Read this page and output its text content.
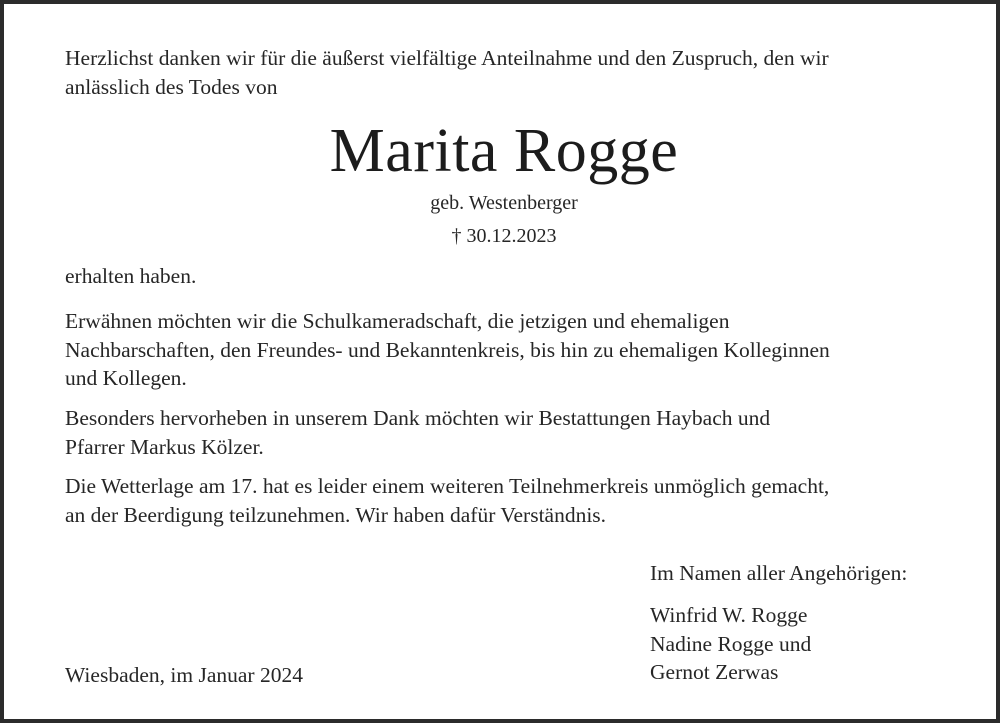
Herzlichst danken wir für die äußerst vielfältige Anteilnahme und den Zuspruch, den wir
anlässlich des Todes von
Marita Rogge
geb. Westenberger
† 30.12.2023
erhalten haben.
Erwähnen möchten wir die Schulkameradschaft, die jetzigen und ehemaligen
Nachbarschaften, den Freundes- und Bekanntenkreis, bis hin zu ehemaligen Kolleginnen
und Kollegen.
Besonders hervorheben in unserem Dank möchten wir Bestattungen Haybach und
Pfarrer Markus Kölzer.
Die Wetterlage am 17. hat es leider einem weiteren Teilnehmerkreis unmöglich gemacht,
an der Beerdigung teilzunehmen. Wir haben dafür Verständnis.
Im Namen aller Angehörigen:
Winfrid W. Rogge
Nadine Rogge und
Gernot Zerwas
Wiesbaden, im Januar 2024
